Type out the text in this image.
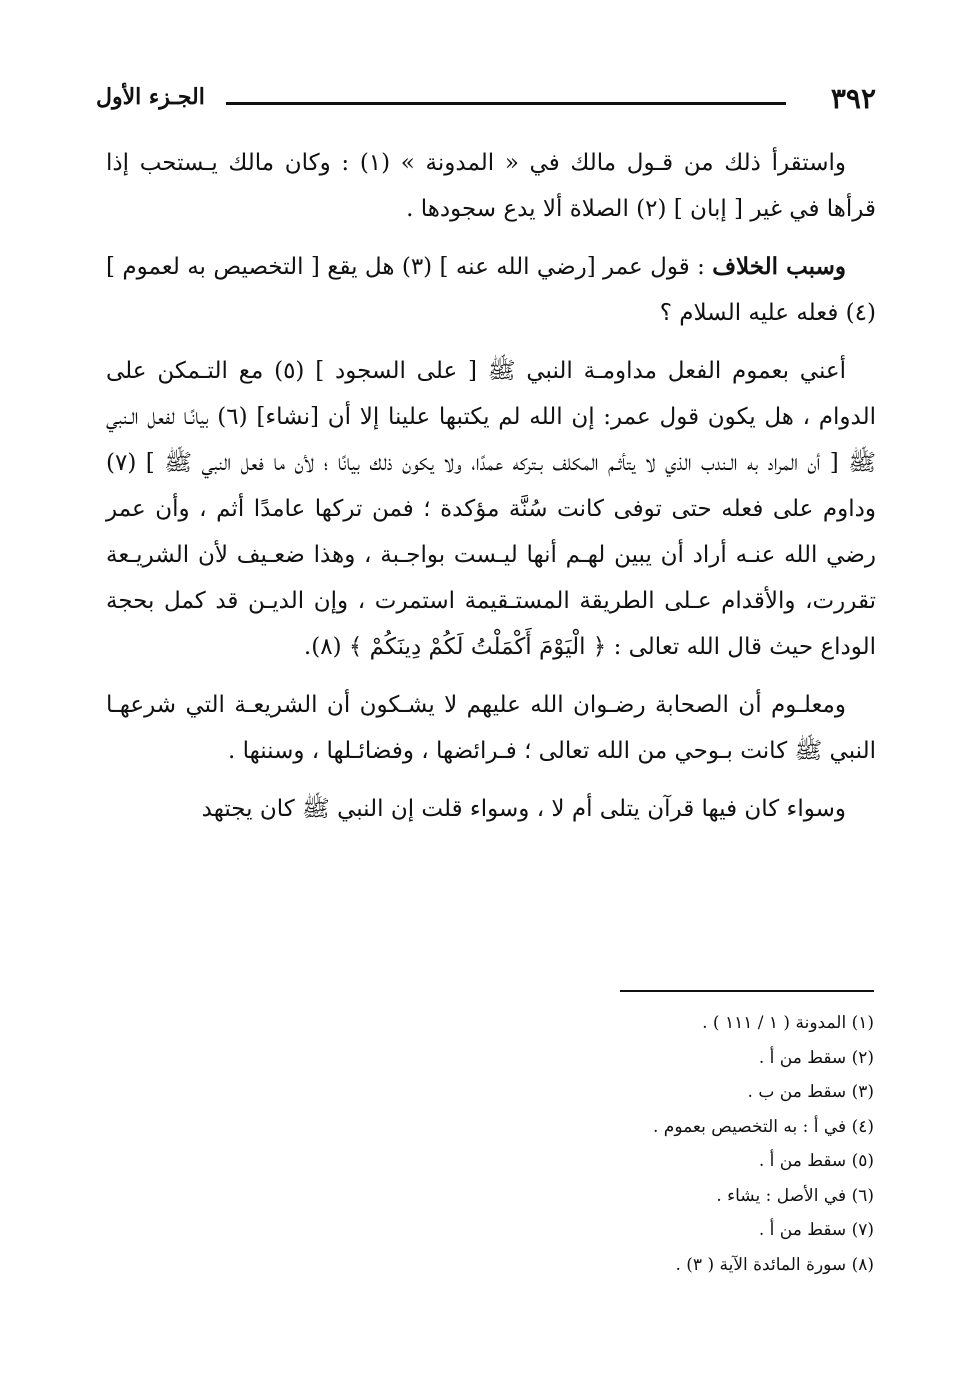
٣٩٢
الجـزء الأول

واستقرأ ذلك من قـول مالك في « المدونة » (١) : وكان مالك يـستحب إذا قرأها في غير [ إبان ] (٢) الصلاة ألا يدع سجودها .

وسبب الخلاف : قول عمر [رضي الله عنه ] (٣) هل يقع [ التخصيص به لعموم ] (٤) فعله عليه السلام ؟

أعني بعموم الفعل مداومـة النبي ﷺ [ على السجود ] (٥) مع التـمكن على الدوام ، هل يكون قول عمر: إن الله لم يكتبها علينا إلا أن [نشاء] (٦) بيانًـا لفعل الـنبي ﷺ [ أن المراد به الـندب الذي لا يتأثـم المكلف بـتركه عمدًا، ولا يكون ذلك بيانًا ؛ لأن ما فعل النبي ﷺ ] (٧) وداوم على فعله حتى توفى كانت سُنَّة مؤكدة ؛ فمن تركها عامدًا أثم ، وأن عمر رضي الله عنـه أراد أن يبين لهـم أنها ليـست بواجـبة ، وهذا ضعـيف لأن الشريـعة تقررت، والأقدام عـلى الطريقة المستـقيمة استمرت ، وإن الديـن قد كمل بحجة الوداع حيث قال الله تعالى : ﴿ الْيَوْمَ أَكْمَلْتُ لَكُمْ دِينَكُمْ ﴾ (٨).

ومعلـوم أن الصحابة رضـوان الله عليهم لا يشـكون أن الشريعـة التي شرعهـا النبي ﷺ كانت بـوحي من الله تعالى ؛ فـرائضها ، وفضائـلها ، وسننها .

وسواء كان فيها قرآن يتلى أم لا ، وسواء قلت إن النبي ﷺ كان يجتهد

(١) المدونة ( ١ / ١١١ ) .
(٢) سقط من أ .
(٣) سقط من ب .
(٤) في أ : به التخصيص بعموم .
(٥) سقط من أ .
(٦) في الأصل : يشاء .
(٧) سقط من أ .
(٨) سورة المائدة الآية ( ٣) .
